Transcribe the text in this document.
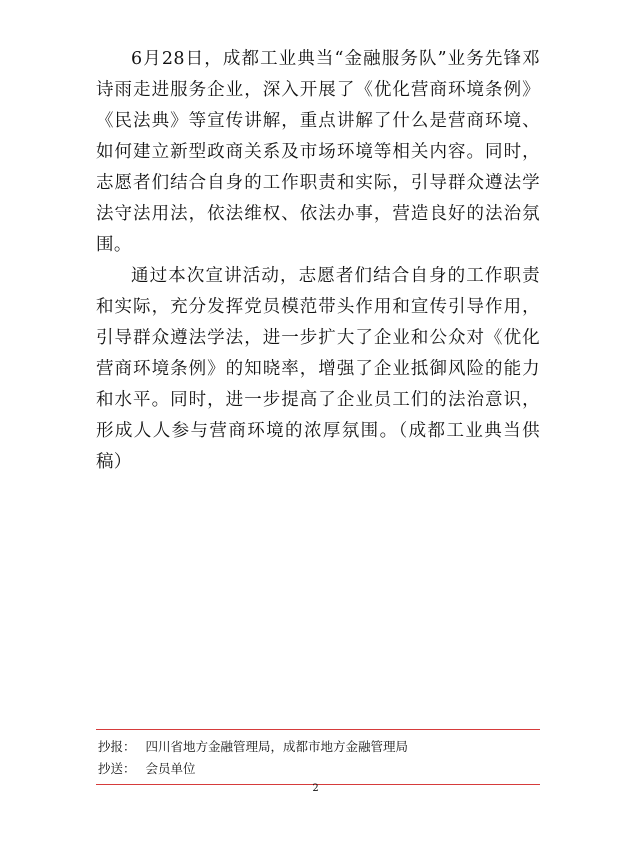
6月28日，成都工业典当“金融服务队”业务先锋邓诗雨走进服务企业，深入开展了《优化营商环境条例》《民法典》等宣传讲解，重点讲解了什么是营商环境、如何建立新型政商关系及市场环境等相关内容。同时，志愿者们结合自身的工作职责和实际，引导群众遵法学法守法用法，依法维权、依法办事，营造良好的法治氛围。

通过本次宣讲活动，志愿者们结合自身的工作职责和实际，充分发挥党员模范带头作用和宣传引导作用，引导群众遵法学法，进一步扩大了企业和公众对《优化营商环境条例》的知晓率，增强了企业抵御风险的能力和水平。同时，进一步提高了企业员工们的法治意识，形成人人参与营商环境的浓厚氛围。（成都工业典当供稿）

抄报： 四川省地方金融管理局，成都市地方金融管理局
抄送： 会员单位
2
